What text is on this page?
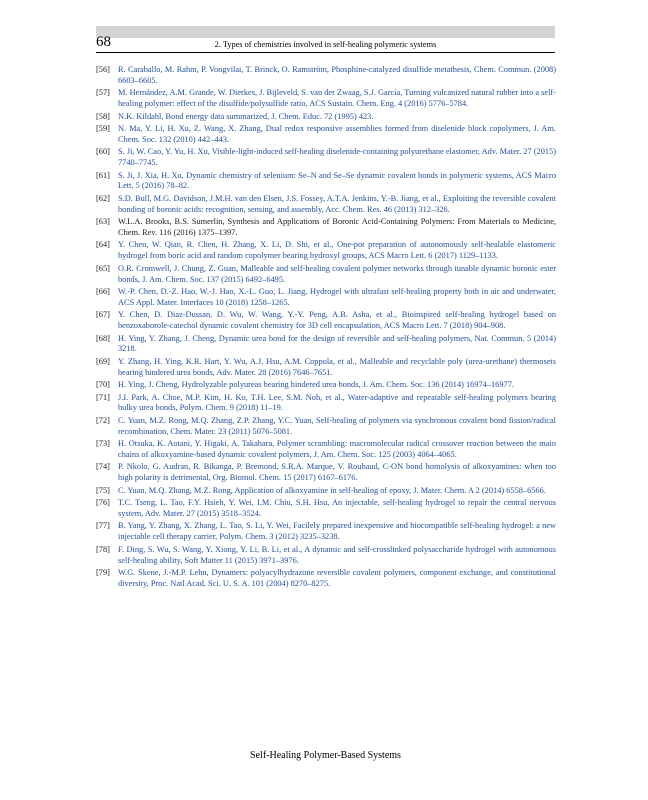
68	2. Types of chemistries involved in self-healing polymeric systems
[56] R. Caraballo, M. Rahm, P. Vongvilai, T. Brinck, O. Ramström, Phosphine-catalyzed disulfide metathesis, Chem. Commun. (2008) 6603–6605.
[57] M. Hernández, A.M. Grande, W. Dierkes, J. Bijleveld, S. van der Zwaag, S.J. García, Turning vulcanized natural rubber into a self-healing polymer: effect of the disulfide/polysulfide ratio, ACS Sustain. Chem. Eng. 4 (2016) 5776–5784.
[58] N.K. Kildahl, Bond energy data summarized, J. Chem. Educ. 72 (1995) 423.
[59] N. Ma, Y. Li, H. Xu, Z. Wang, X. Zhang, Dual redox responsive assemblies formed from diselenide block copolymers, J. Am. Chem. Soc. 132 (2010) 442–443.
[60] S. Ji, W. Cao, Y. Yu, H. Xu, Visible-light-induced self-healing diselenide-containing polyurethane elastomer, Adv. Mater. 27 (2015) 7740–7745.
[61] S. Ji, J. Xia, H. Xu, Dynamic chemistry of selenium: Se–N and Se–Se dynamic covalent bonds in polymeric systems, ACS Macro Lett. 5 (2016) 78–82.
[62] S.D. Bull, M.G. Davidson, J.M.H. van den Elsen, J.S. Fossey, A.T.A. Jenkins, Y.-B. Jiang, et al., Exploiting the reversible covalent bonding of boronic acids: recognition, sensing, and assembly, Acc. Chem. Res. 46 (2013) 312–326.
[63] W.L.A. Brooks, B.S. Sumerlin, Synthesis and Applications of Boronic Acid-Containing Polymers: From Materials to Medicine, Chem. Rev. 116 (2016) 1375–1397.
[64] Y. Chen, W. Qian, R. Chen, H. Zhang, X. Li, D. Shi, et al., One-pot preparation of autonomously self-healable elastomeric hydrogel from boric acid and random copolymer bearing hydroxyl groups, ACS Macro Lett. 6 (2017) 1129–1133.
[65] O.R. Cromwell, J. Chung, Z. Guan, Malleable and self-healing covalent polymer networks through tunable dynamic boronic ester bonds, J. Am. Chem. Soc. 137 (2015) 6492–6495.
[66] W.-P. Chen, D.-Z. Hao, W.-J. Hao, X.-L. Guo, L. Jiang, Hydrogel with ultrafast self-healing property both in air and underwater, ACS Appl. Mater. Interfaces 10 (2018) 1258–1265.
[67] Y. Chen, D. Diaz-Dussan, D. Wu, W. Wang, Y.-Y. Peng, A.B. Asha, et al., Bioinspired self-healing hydrogel based on benzoxaborole-catechol dynamic covalent chemistry for 3D cell encapsulation, ACS Macro Lett. 7 (2018) 904–908.
[68] H. Ying, Y. Zhang, J. Cheng, Dynamic urea bond for the design of reversible and self-healing polymers, Nat. Commun. 5 (2014) 3218.
[69] Y. Zhang, H. Ying, K.R. Hart, Y. Wu, A.J. Hsu, A.M. Coppola, et al., Malleable and recyclable poly (urea-urethane) thermosets bearing hindered urea bonds, Adv. Mater. 28 (2016) 7646–7651.
[70] H. Ying, J. Cheng, Hydrolyzable polyureas bearing hindered urea bonds, J. Am. Chem. Soc. 136 (2014) 16974–16977.
[71] J.I. Park, A. Choe, M.P. Kim, H. Ko, T.H. Lee, S.M. Noh, et al., Water-adaptive and repeatable self-healing polymers bearing bulky urea bonds, Polym. Chem. 9 (2018) 11–19.
[72] C. Yuan, M.Z. Rong, M.Q. Zhang, Z.P. Zhang, Y.C. Yuan, Self-healing of polymers via synchronous covalent bond fission/radical recombination, Chem. Mater. 23 (2011) 5076–5081.
[73] H. Otsuka, K. Aotani, Y. Higaki, A. Takahara, Polymer scrambling: macromolecular radical crossover reaction between the main chains of alkoxyamine-based dynamic covalent polymers, J. Am. Chem. Soc. 125 (2003) 4064–4065.
[74] P. Nkolo, G. Audran, R. Bikanga, P. Bremond, S.R.A. Marque, V. Roubaud, C-ON bond homolysis of alkoxyamines: when too high polarity is detrimental, Org. Biomol. Chem. 15 (2017) 6167–6176.
[75] C. Yuan, M.Q. Zhang, M.Z. Rong, Application of alkoxyamine in self-healing of epoxy, J. Mater. Chem. A 2 (2014) 6558–6566.
[76] T.C. Tseng, L. Tao, F.Y. Hsieh, Y. Wei, I.M. Chiu, S.H. Hsu, An injectable, self-healing hydrogel to repair the central nervous system, Adv. Mater. 27 (2015) 3518–3524.
[77] B. Yang, Y. Zhang, X. Zhang, L. Tao, S. Li, Y. Wei, Facilely prepared inexpensive and biocompatible self-healing hydrogel: a new injectable cell therapy carrier, Polym. Chem. 3 (2012) 3235–3238.
[78] F. Ding, S. Wu, S. Wang, Y. Xiong, Y. Li, B. Li, et al., A dynamic and self-crosslinked polysaccharide hydrogel with autonomous self-healing ability, Soft Matter 11 (2015) 3971–3976.
[79] W.G. Skene, J.-M.P. Lehn, Dynamers: polyacylhydrazone reversible covalent polymers, component exchange, and constitutional diversity, Proc. Natl Acad. Sci. U. S. A. 101 (2004) 8270–8275.
Self-Healing Polymer-Based Systems
